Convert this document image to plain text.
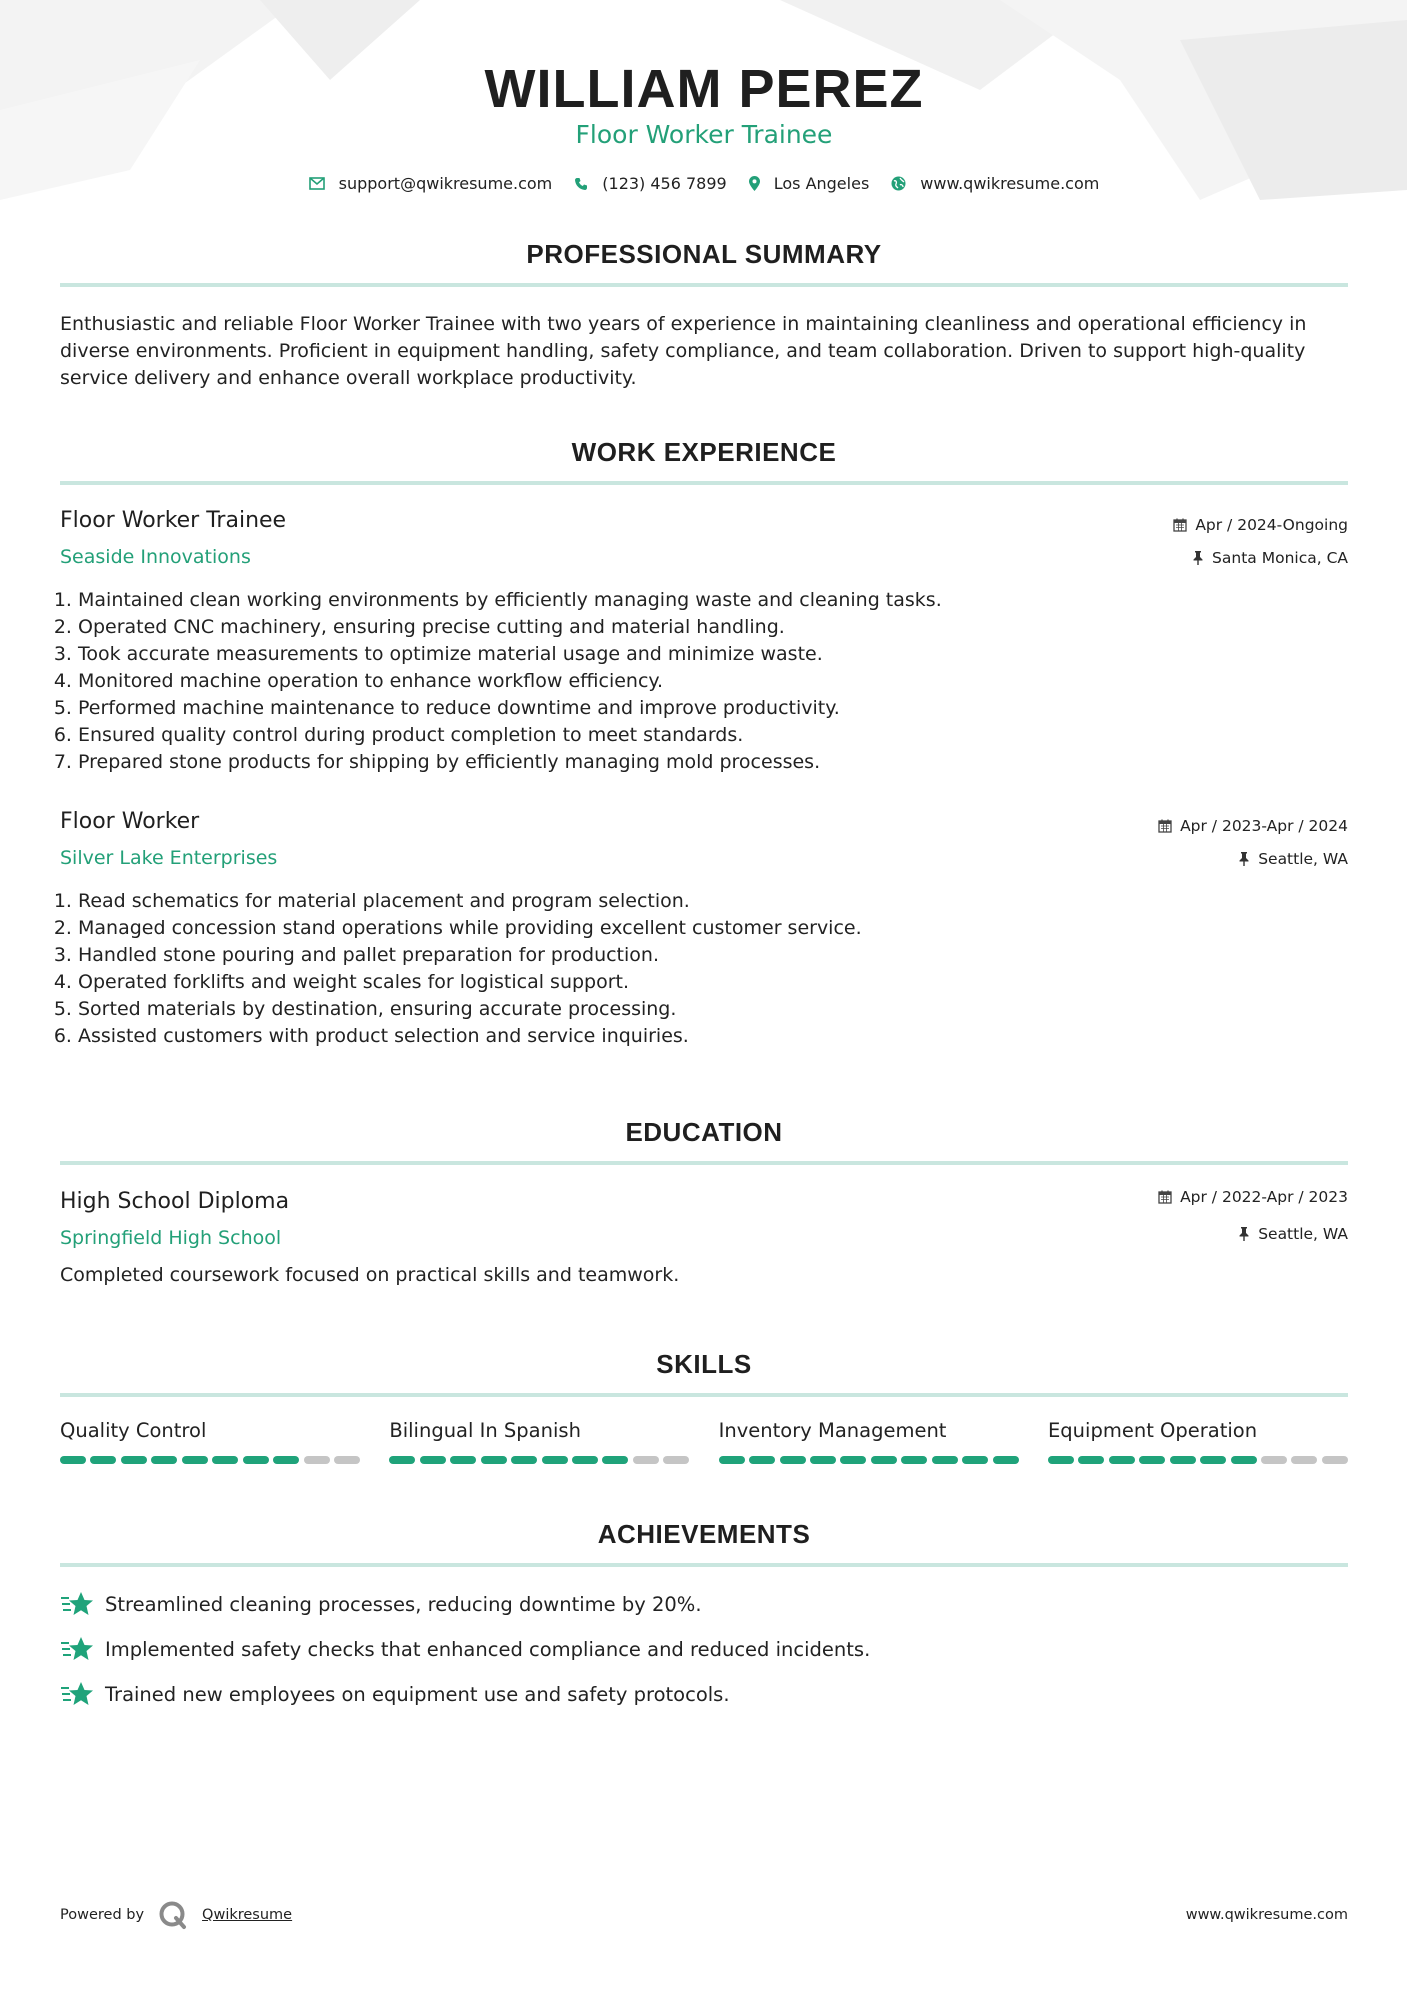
WILLIAM PEREZ
Floor Worker Trainee
support@qwikresume.com	(123) 456 7899	Los Angeles	www.qwikresume.com
PROFESSIONAL SUMMARY

Enthusiastic and reliable Floor Worker Trainee with two years of experience in maintaining cleanliness and operational efficiency in diverse environments. Proficient in equipment handling, safety compliance, and team collaboration. Driven to support high-quality service delivery and enhance overall workplace productivity.

WORK EXPERIENCE
Floor Worker Trainee
Seaside Innovations
Apr / 2024-Ongoing
Santa Monica, CA
1. Maintained clean working environments by efficiently managing waste and cleaning tasks.
2. Operated CNC machinery, ensuring precise cutting and material handling.
3. Took accurate measurements to optimize material usage and minimize waste.
4. Monitored machine operation to enhance workflow efficiency.
5. Performed machine maintenance to reduce downtime and improve productivity.
6. Ensured quality control during product completion to meet standards.
7. Prepared stone products for shipping by efficiently managing mold processes.
Floor Worker
Silver Lake Enterprises
Apr / 2023-Apr / 2024
Seattle, WA
1. Read schematics for material placement and program selection.
2. Managed concession stand operations while providing excellent customer service.
3. Handled stone pouring and pallet preparation for production.
4. Operated forklifts and weight scales for logistical support.
5. Sorted materials by destination, ensuring accurate processing.
6. Assisted customers with product selection and service inquiries.
EDUCATION
High School Diploma
Springfield High School
Apr / 2022-Apr / 2023
Seattle, WA

Completed coursework focused on practical skills and teamwork.

SKILLS
Quality Control	Bilingual In Spanish	Inventory Management	Equipment Operation
ACHIEVEMENTS
Streamlined cleaning processes, reducing downtime by 20%.
Implemented safety checks that enhanced compliance and reduced incidents.
Trained new employees on equipment use and safety protocols.
Powered by	Qwikresume	www.qwikresume.com
